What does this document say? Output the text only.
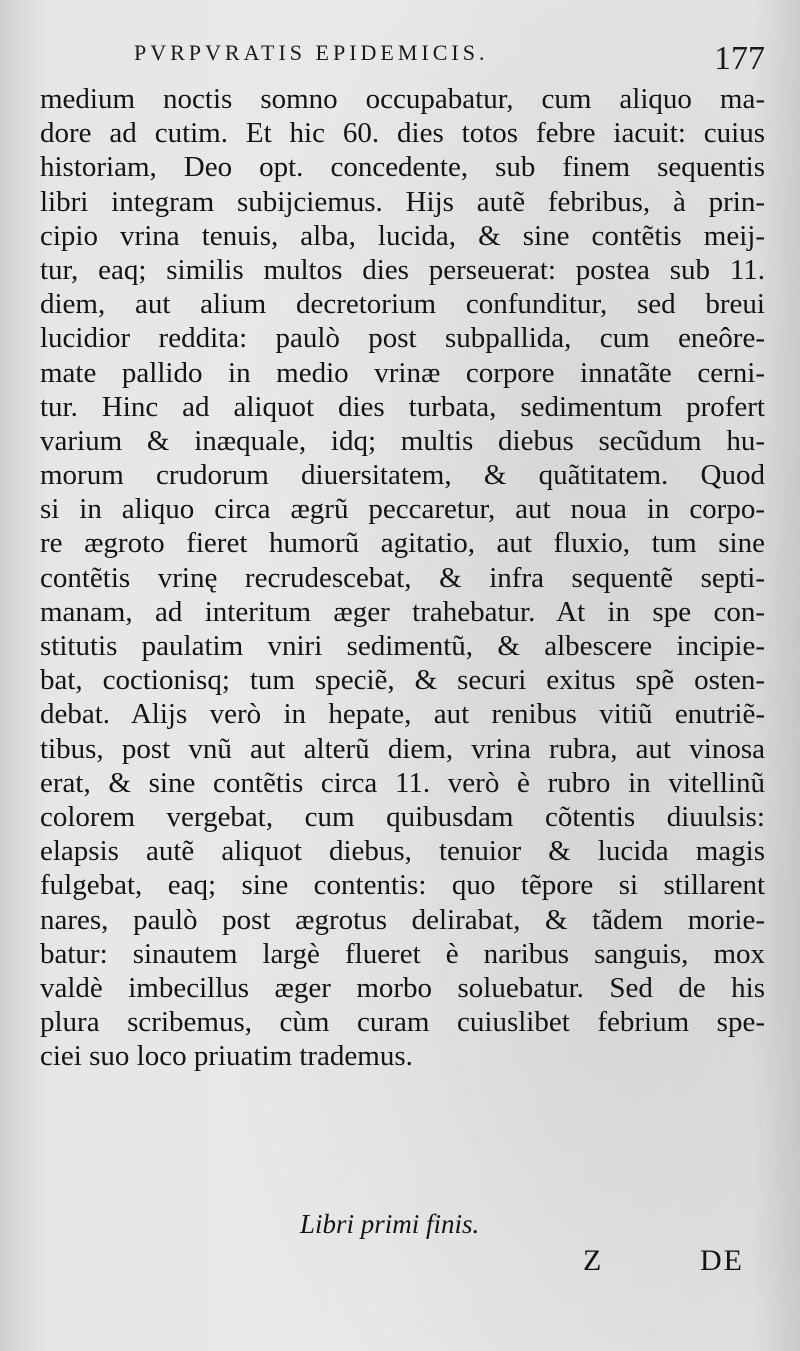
PVRPVRATIS EPIDEMICIS.	177
medium noctis somno occupabatur, cum aliquo ma-
dore ad cutim. Et hic 60. dies totos febre iacuit: cuius
historiam, Deo opt. concedente, sub finem sequentis
libri integram subijciemus. Hijs autẽ febribus, à prin-
cipio vrina tenuis, alba, lucida, & sine contẽtis meij-
tur, eaq; similis multos dies perseuerat: postea sub 11.
diem, aut alium decretorium confunditur, sed breui
lucidior reddita: paulò post subpallida, cum eneôre-
mate pallido in medio vrinæ corpore innatãte cerni-
tur. Hinc ad aliquot dies turbata, sedimentum profert
varium & inæquale, idq; multis diebus secũdum hu-
morum crudorum diuersitatem, & quãtitatem. Quod
si in aliquo circa ægrũ peccaretur, aut noua in corpo-
re ægroto fieret humorũ agitatio, aut fluxio, tum sine
contẽtis vrinę recrudescebat, & infra sequentẽ septi-
manam, ad interitum æger trahebatur. At in spe con-
stitutis paulatim vniri sedimentũ, & albescere incipie-
bat, coctionisq; tum speciẽ, & securi exitus spẽ osten-
debat. Alijs verò in hepate, aut renibus vitiũ enutriẽ-
tibus, post vnũ aut alterũ diem, vrina rubra, aut vinosa
erat, & sine contẽtis circa 11. verò è rubro in vitellinũ
colorem vergebat, cum quibusdam cõtentis diuulsis:
elapsis autẽ aliquot diebus, tenuior & lucida magis
fulgebat, eaq; sine contentis: quo tẽpore si stillarent
nares, paulò post ægrotus delirabat, & tãdem morie-
batur: sinautem largè flueret è naribus sanguis, mox
valdè imbecillus æger morbo soluebatur. Sed de his
plura scribemus, cùm curam cuiuslibet febrium spe-
ciei suo loco priuatim trademus.
Libri primi finis.
Z	DE
